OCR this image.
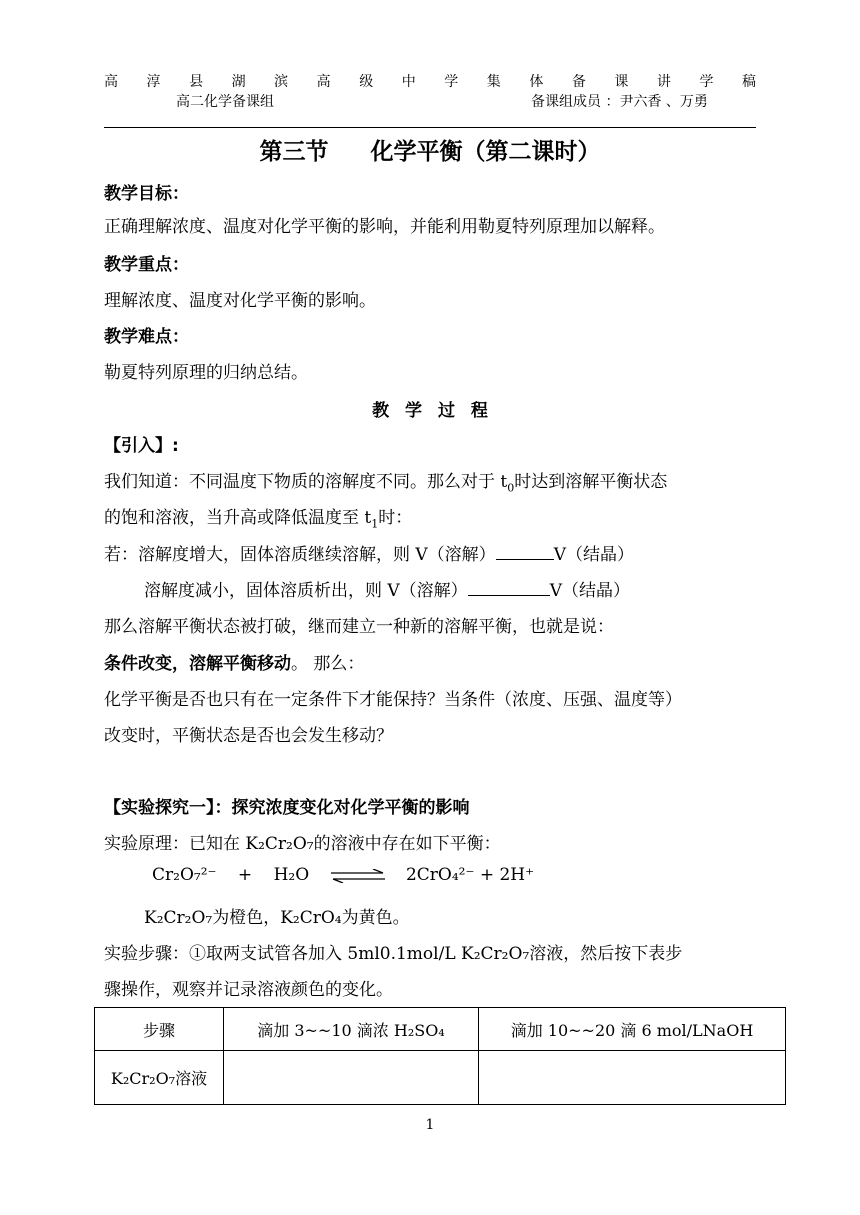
高 淳 县 湖 滨 高 级 中 学 集 体 备 课 讲 学 稿
高二化学备课组	备课组成员 ：尹六香 、万勇
第三节 化学平衡（第二课时）
教学目标：
正确理解浓度、温度对化学平衡的影响，并能利用勒夏特列原理加以解释。
教学重点：
理解浓度、温度对化学平衡的影响。
教学难点：
勒夏特列原理的归纳总结。
教 学 过 程
【引入】:
我们知道：不同温度下物质的溶解度不同。那么对于 $t_0$时达到溶解平衡状态
的饱和溶液，当升高或降低温度至 $t_1$时：
若：溶解度增大，固体溶质继续溶解，则 V（溶解）	V（结晶）
溶解度减小，固体溶质析出，则 V（溶解）	V（结晶）
那么溶解平衡状态被打破，继而建立一种新的溶解平衡，也就是说：
条件改变，溶解平衡移动。 那么：
化学平衡是否也只有在一定条件下才能保持？当条件（浓度、压强、温度等）
改变时，平衡状态是否也会发生移动？
【实验探究一】：探究浓度变化对化学平衡的影响
实验原理：已知在 K₂Cr₂O₇的溶液中存在如下平衡：
Cr₂O₇²⁻ + H₂O ⇌ 2CrO₄²⁻ + 2H⁺
K₂Cr₂O₇为橙色，K₂CrO₄为黄色。
实验步骤：①取两支试管各加入 5ml0.1mol/L K₂Cr₂O₇溶液，然后按下表步
骤操作，观察并记录溶液颜色的变化。
步骤	滴加 3~~10 滴浓 H₂SO₄	滴加 10~~20 滴 6 mol/LNaOH
K₂Cr₂O₇溶液		
1
